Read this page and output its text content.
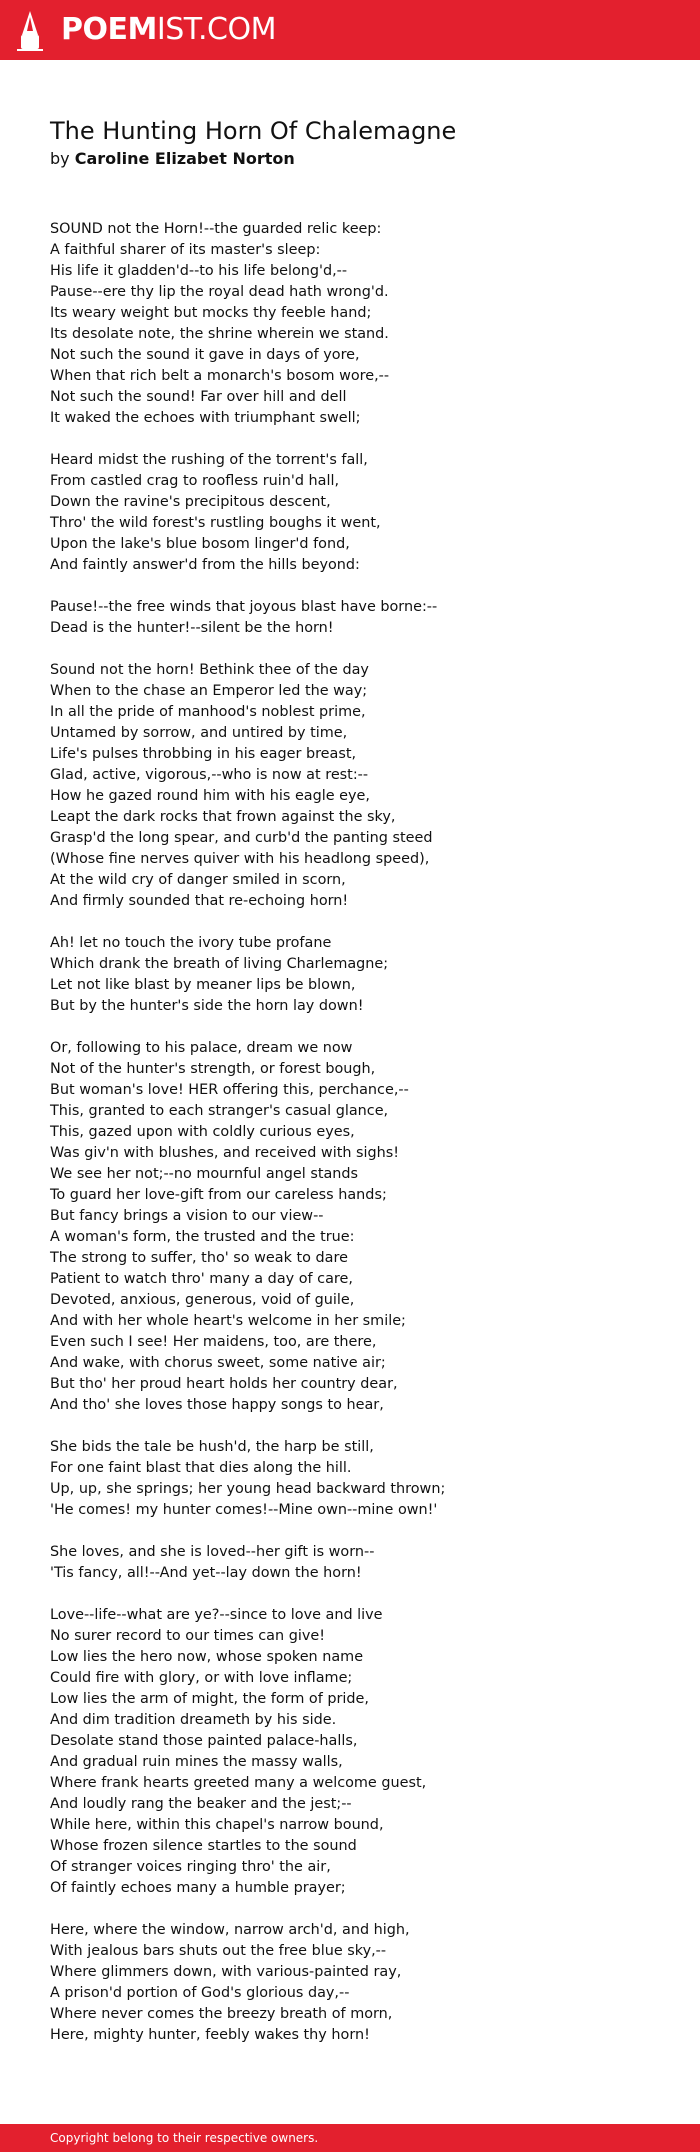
POEMIST.COM
The Hunting Horn Of Chalemagne
by Caroline Elizabet Norton
SOUND not the Horn!--the guarded relic keep:
A faithful sharer of its master's sleep:
His life it gladden'd--to his life belong'd,--
Pause--ere thy lip the royal dead hath wrong'd.
Its weary weight but mocks thy feeble hand;
Its desolate note, the shrine wherein we stand.
Not such the sound it gave in days of yore,
When that rich belt a monarch's bosom wore,--
Not such the sound! Far over hill and dell
It waked the echoes with triumphant swell;
Heard midst the rushing of the torrent's fall,
From castled crag to roofless ruin'd hall,
Down the ravine's precipitous descent,
Thro' the wild forest's rustling boughs it went,
Upon the lake's blue bosom linger'd fond,
And faintly answer'd from the hills beyond:
Pause!--the free winds that joyous blast have borne:--
Dead is the hunter!--silent be the horn!
Sound not the horn! Bethink thee of the day
When to the chase an Emperor led the way;
In all the pride of manhood's noblest prime,
Untamed by sorrow, and untired by time,
Life's pulses throbbing in his eager breast,
Glad, active, vigorous,--who is now at rest:--
How he gazed round him with his eagle eye,
Leapt the dark rocks that frown against the sky,
Grasp'd the long spear, and curb'd the panting steed
(Whose fine nerves quiver with his headlong speed),
At the wild cry of danger smiled in scorn,
And firmly sounded that re-echoing horn!
Ah! let no touch the ivory tube profane
Which drank the breath of living Charlemagne;
Let not like blast by meaner lips be blown,
But by the hunter's side the horn lay down!
Or, following to his palace, dream we now
Not of the hunter's strength, or forest bough,
But woman's love! HER offering this, perchance,--
This, granted to each stranger's casual glance,
This, gazed upon with coldly curious eyes,
Was giv'n with blushes, and received with sighs!
We see her not;--no mournful angel stands
To guard her love-gift from our careless hands;
But fancy brings a vision to our view--
A woman's form, the trusted and the true:
The strong to suffer, tho' so weak to dare
Patient to watch thro' many a day of care,
Devoted, anxious, generous, void of guile,
And with her whole heart's welcome in her smile;
Even such I see! Her maidens, too, are there,
And wake, with chorus sweet, some native air;
But tho' her proud heart holds her country dear,
And tho' she loves those happy songs to hear,
She bids the tale be hush'd, the harp be still,
For one faint blast that dies along the hill.
Up, up, she springs; her young head backward thrown;
'He comes! my hunter comes!--Mine own--mine own!'
She loves, and she is loved--her gift is worn--
'Tis fancy, all!--And yet--lay down the horn!
Love--life--what are ye?--since to love and live
No surer record to our times can give!
Low lies the hero now, whose spoken name
Could fire with glory, or with love inflame;
Low lies the arm of might, the form of pride,
And dim tradition dreameth by his side.
Desolate stand those painted palace-halls,
And gradual ruin mines the massy walls,
Where frank hearts greeted many a welcome guest,
And loudly rang the beaker and the jest;--
While here, within this chapel's narrow bound,
Whose frozen silence startles to the sound
Of stranger voices ringing thro' the air,
Of faintly echoes many a humble prayer;
Here, where the window, narrow arch'd, and high,
With jealous bars shuts out the free blue sky,--
Where glimmers down, with various-painted ray,
A prison'd portion of God's glorious day,--
Where never comes the breezy breath of morn,
Here, mighty hunter, feebly wakes thy horn!
Copyright belong to their respective owners.
